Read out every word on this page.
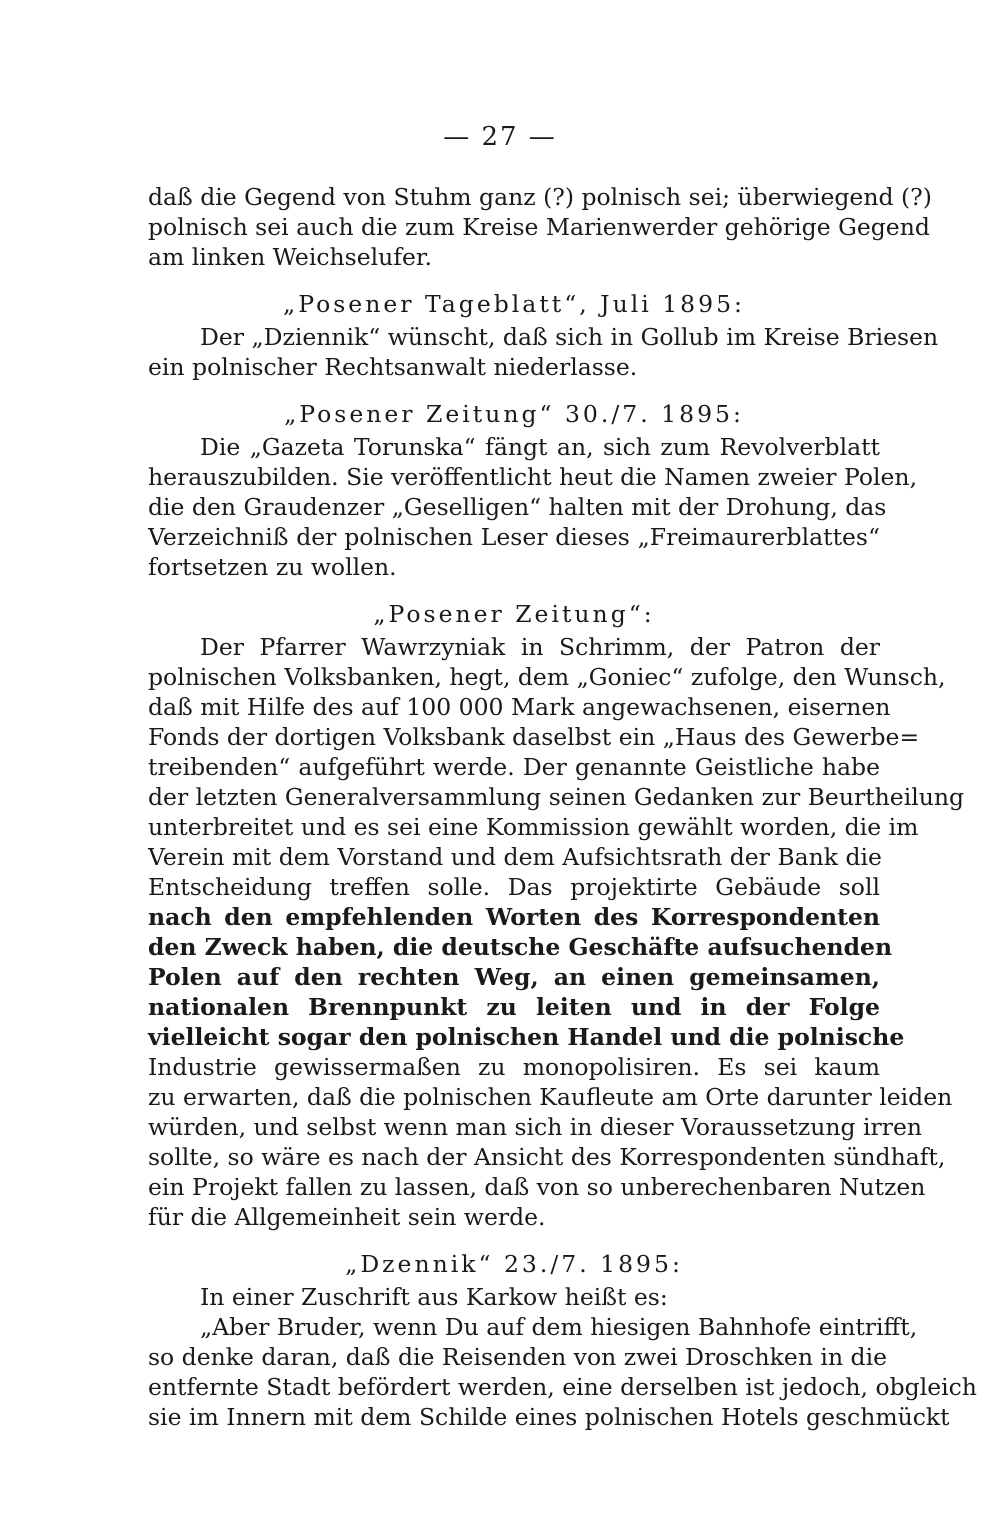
— 27 —
daß die Gegend von Stuhm ganz (?) polnisch sei; überwiegend (?)
polnisch sei auch die zum Kreise Marienwerder gehörige Gegend
am linken Weichselufer.
„Posener Tageblatt“, Juli 1895:
Der „Dziennik“ wünscht, daß sich in Gollub im Kreise Briesen
ein polnischer Rechtsanwalt niederlasse.
„Posener Zeitung“ 30./7. 1895:
Die „Gazeta Torunska“ fängt an, sich zum Revolverblatt
herauszubilden. Sie veröffentlicht heut die Namen zweier Polen,
die den Graudenzer „Geselligen“ halten mit der Drohung, das
Verzeichniß der polnischen Leser dieses „Freimaurerblattes“
fortsetzen zu wollen.
„Posener Zeitung“:
Der Pfarrer Wawrzyniak in Schrimm, der Patron der
polnischen Volksbanken, hegt, dem „Goniec“ zufolge, den Wunsch,
daß mit Hilfe des auf 100 000 Mark angewachsenen, eisernen
Fonds der dortigen Volksbank daselbst ein „Haus des Gewerbe=
treibenden“ aufgeführt werde. Der genannte Geistliche habe
der letzten Generalversammlung seinen Gedanken zur Beurtheilung
unterbreitet und es sei eine Kommission gewählt worden, die im
Verein mit dem Vorstand und dem Aufsichtsrath der Bank die
Entscheidung treffen solle. Das projektirte Gebäude soll
nach den empfehlenden Worten des Korrespondenten
den Zweck haben, die deutsche Geschäfte aufsuchenden
Polen auf den rechten Weg, an einen gemeinsamen,
nationalen Brennpunkt zu leiten und in der Folge
vielleicht sogar den polnischen Handel und die polnische
Industrie gewissermaßen zu monopolisiren. Es sei kaum
zu erwarten, daß die polnischen Kaufleute am Orte darunter leiden
würden, und selbst wenn man sich in dieser Voraussetzung irren
sollte, so wäre es nach der Ansicht des Korrespondenten sündhaft,
ein Projekt fallen zu lassen, daß von so unberechenbaren Nutzen
für die Allgemeinheit sein werde.
„Dzennik“ 23./7. 1895:
In einer Zuschrift aus Karkow heißt es:
„Aber Bruder, wenn Du auf dem hiesigen Bahnhofe eintrifft,
so denke daran, daß die Reisenden von zwei Droschken in die
entfernte Stadt befördert werden, eine derselben ist jedoch, obgleich
sie im Innern mit dem Schilde eines polnischen Hotels geschmückt
